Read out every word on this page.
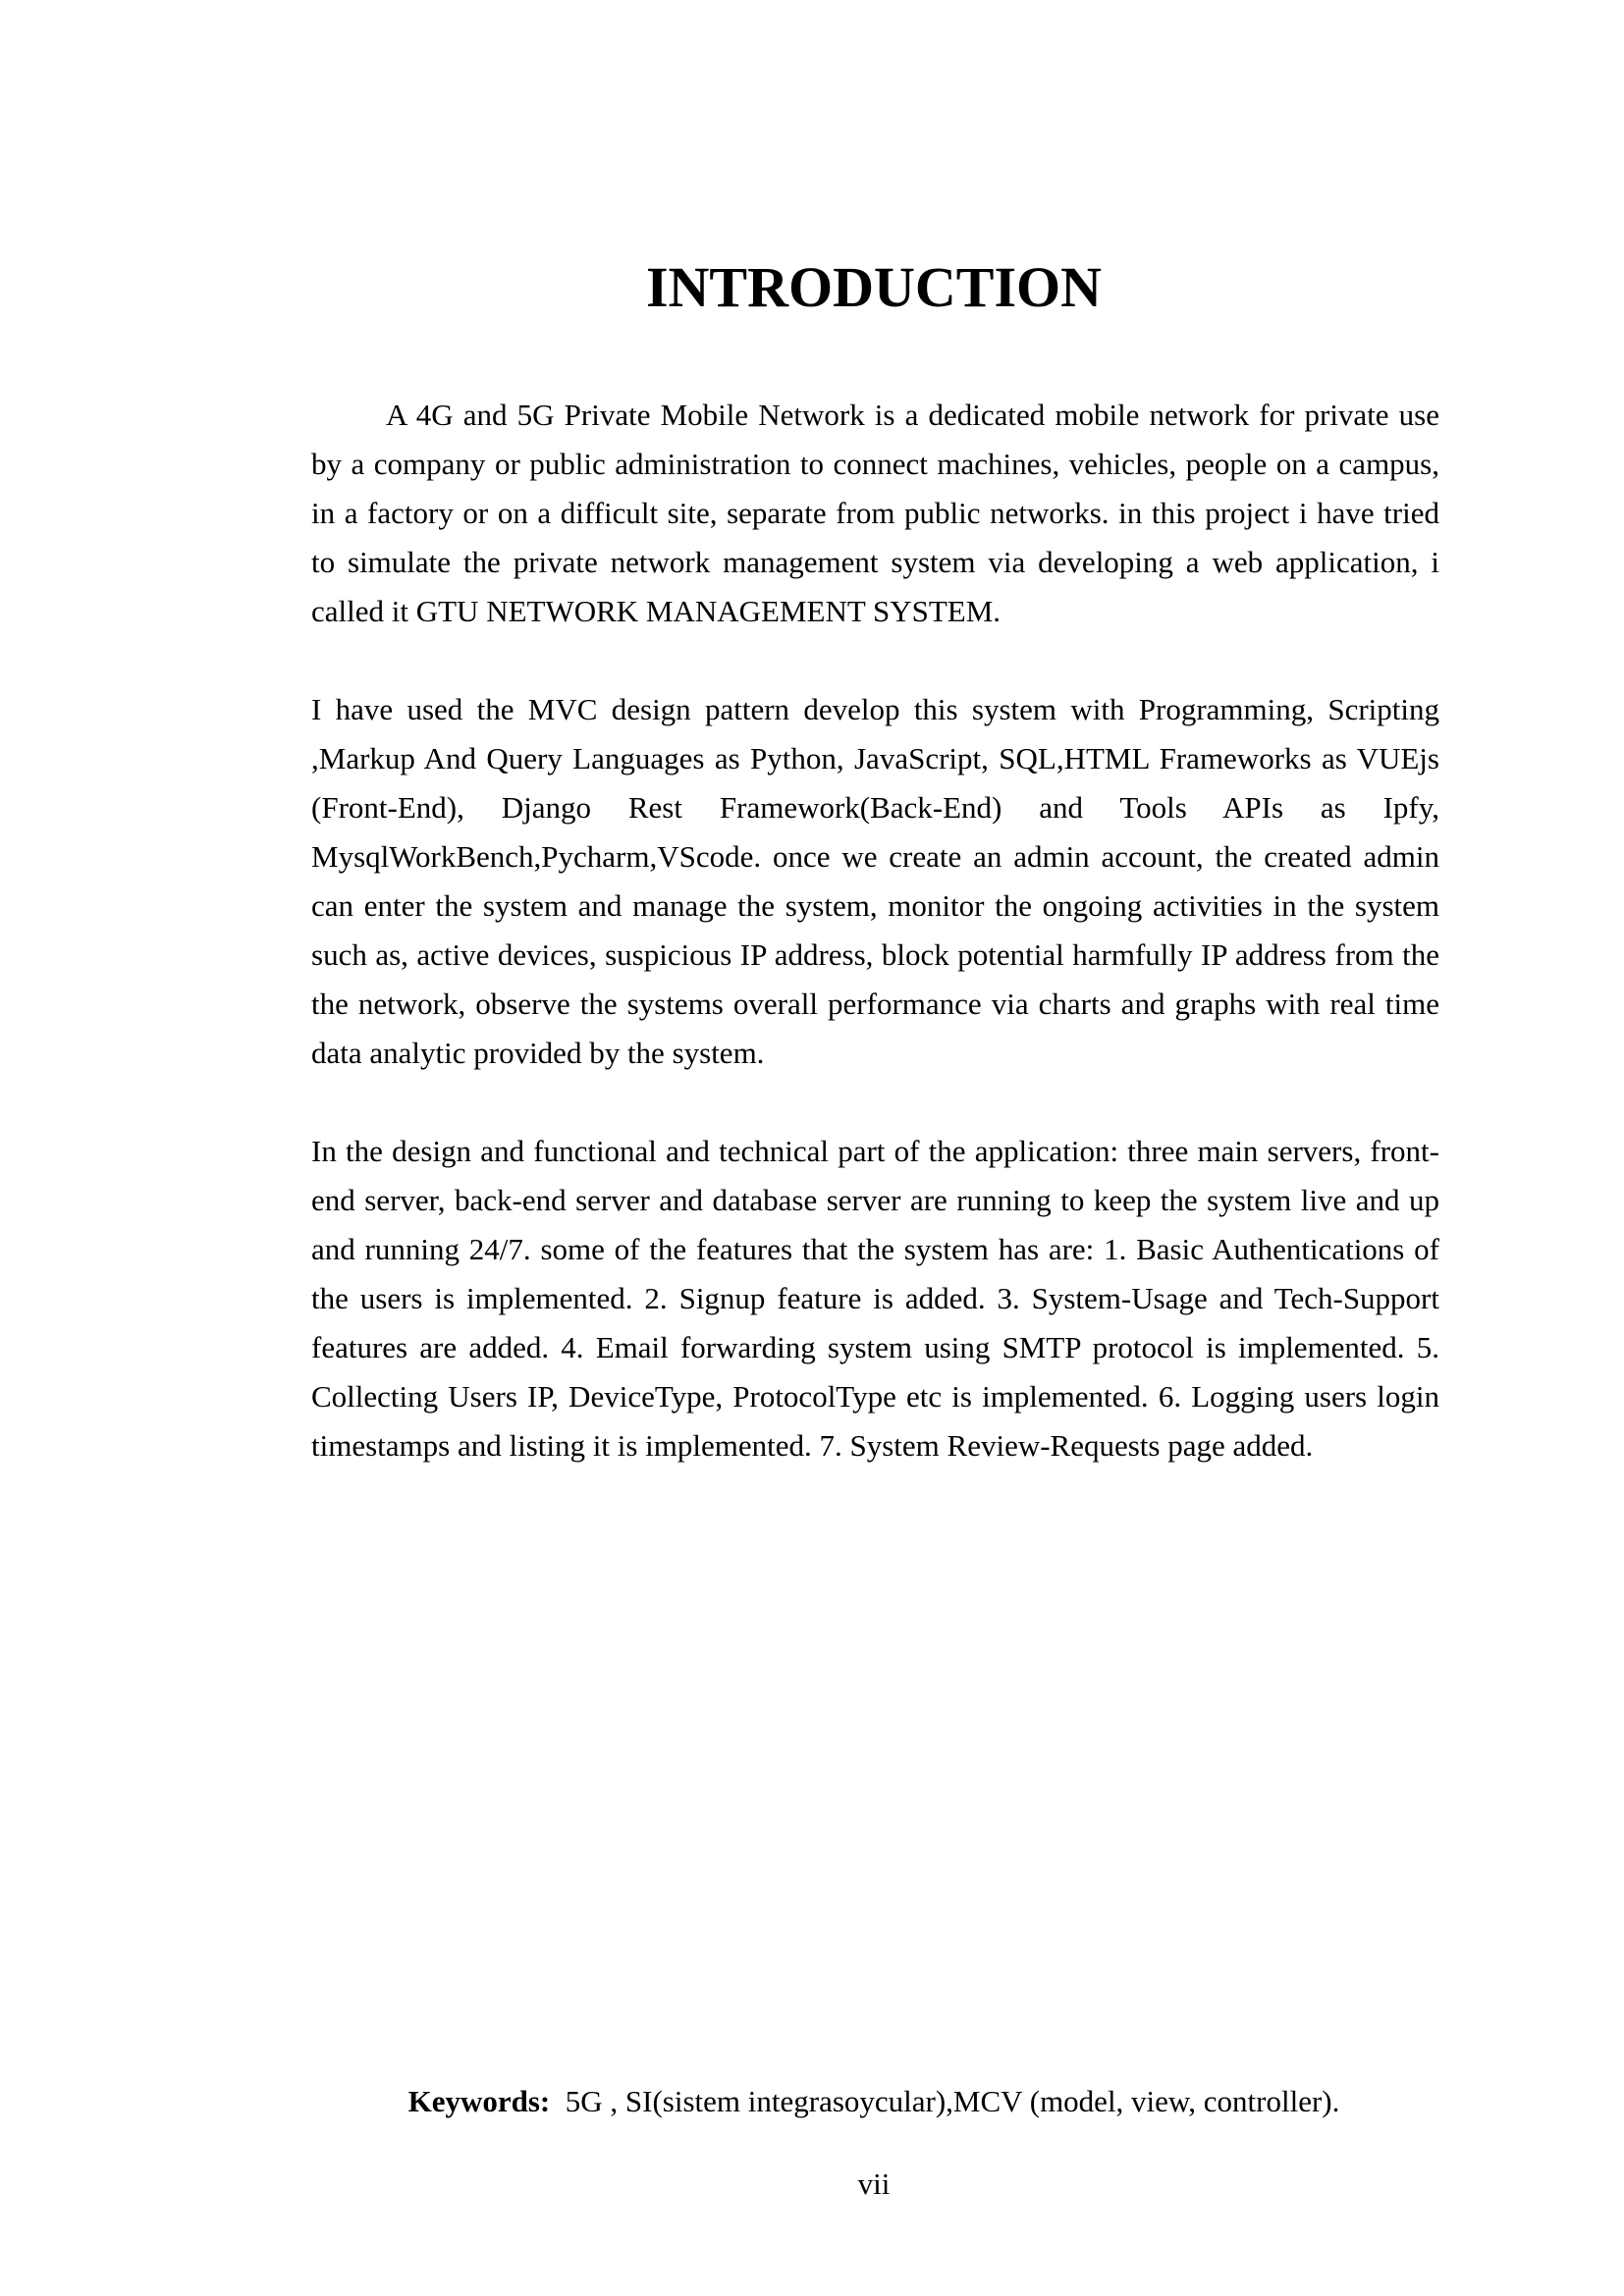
INTRODUCTION

A 4G and 5G Private Mobile Network is a dedicated mobile network for private use by a company or public administration to connect machines, vehicles, people on a campus, in a factory or on a difficult site, separate from public networks. in this project i have tried to simulate the private network management system via developing a web application, i called it GTU NETWORK MANAGEMENT SYSTEM.

I have used the MVC design pattern develop this system with Programming, Scripting ,Markup And Query Languages as Python, JavaScript, SQL,HTML Frameworks as VUEjs (Front-End), Django Rest Framework(Back-End) and Tools APIs as Ipfy, MysqlWorkBench,Pycharm,VScode. once we create an admin account, the created admin can enter the system and manage the system, monitor the ongoing activities in the system such as, active devices, suspicious IP address, block potential harmfully IP address from the the network, observe the systems overall performance via charts and graphs with real time data analytic provided by the system.

In the design and functional and technical part of the application: three main servers, front-end server, back-end server and database server are running to keep the system live and up and running 24/7. some of the features that the system has are: 1. Basic Authentications of the users is implemented. 2. Signup feature is added. 3. System-Usage and Tech-Support features are added. 4. Email forwarding system using SMTP protocol is implemented. 5. Collecting Users IP, DeviceType, ProtocolType etc is implemented. 6. Logging users login timestamps and listing it is implemented. 7. System Review-Requests page added.

Keywords: 5G , SI(sistem integrasoycular),MCV (model, view, controller).

vii
